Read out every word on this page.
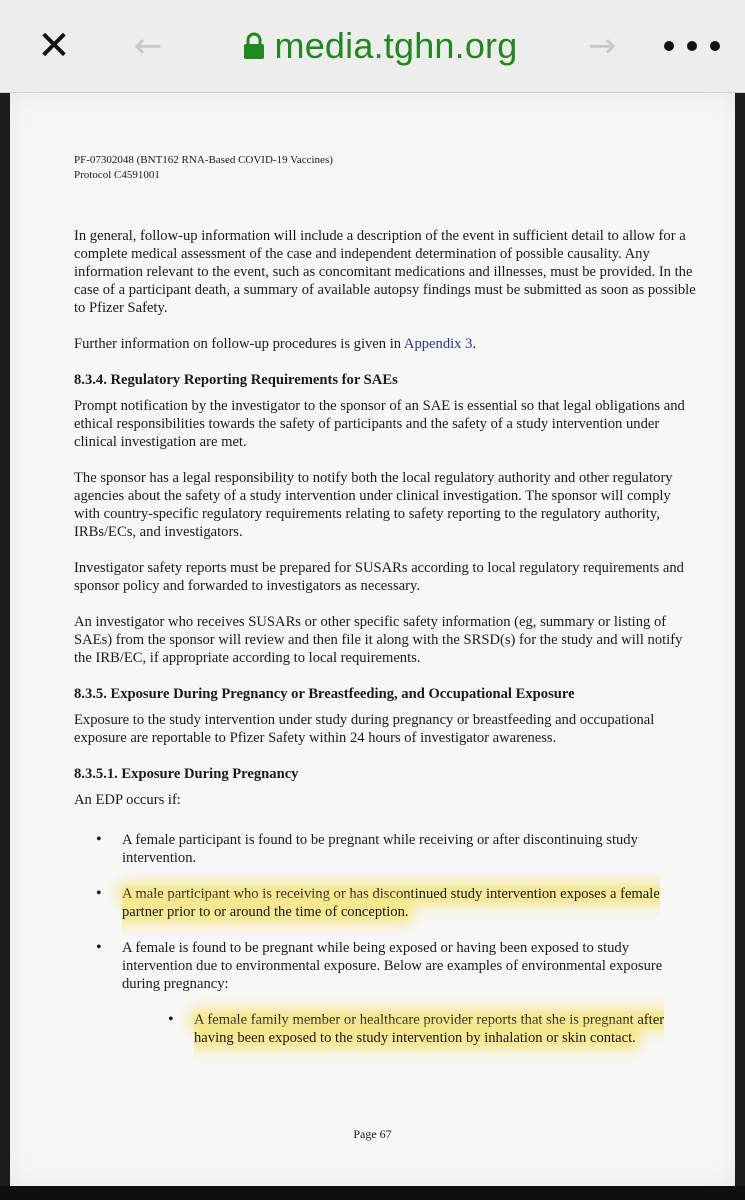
✕ ←	media.tghn.org →
PF-07302048 (BNT162 RNA-Based COVID-19 Vaccines)
Protocol C4591001

In general, follow-up information will include a description of the event in sufficient detail to allow for a complete medical assessment of the case and independent determination of possible causality. Any information relevant to the event, such as concomitant medications and illnesses, must be provided. In the case of a participant death, a summary of available autopsy findings must be submitted as soon as possible to Pfizer Safety.

Further information on follow-up procedures is given in Appendix 3.

8.3.4. Regulatory Reporting Requirements for SAEs

Prompt notification by the investigator to the sponsor of an SAE is essential so that legal obligations and ethical responsibilities towards the safety of participants and the safety of a study intervention under clinical investigation are met.

The sponsor has a legal responsibility to notify both the local regulatory authority and other regulatory agencies about the safety of a study intervention under clinical investigation. The sponsor will comply with country-specific regulatory requirements relating to safety reporting to the regulatory authority, IRBs/ECs, and investigators.

Investigator safety reports must be prepared for SUSARs according to local regulatory requirements and sponsor policy and forwarded to investigators as necessary.

An investigator who receives SUSARs or other specific safety information (eg, summary or listing of SAEs) from the sponsor will review and then file it along with the SRSD(s) for the study and will notify the IRB/EC, if appropriate according to local requirements.

8.3.5. Exposure During Pregnancy or Breastfeeding, and Occupational Exposure

Exposure to the study intervention under study during pregnancy or breastfeeding and occupational exposure are reportable to Pfizer Safety within 24 hours of investigator awareness.

8.3.5.1. Exposure During Pregnancy

An EDP occurs if:

• A female participant is found to be pregnant while receiving or after discontinuing study intervention.
• A male participant who is receiving or has discontinued study intervention exposes a female partner prior to or around the time of conception.
• A female is found to be pregnant while being exposed or having been exposed to study intervention due to environmental exposure. Below are examples of environmental exposure during pregnancy:
• A female family member or healthcare provider reports that she is pregnant after having been exposed to the study intervention by inhalation or skin contact.
Page 67
